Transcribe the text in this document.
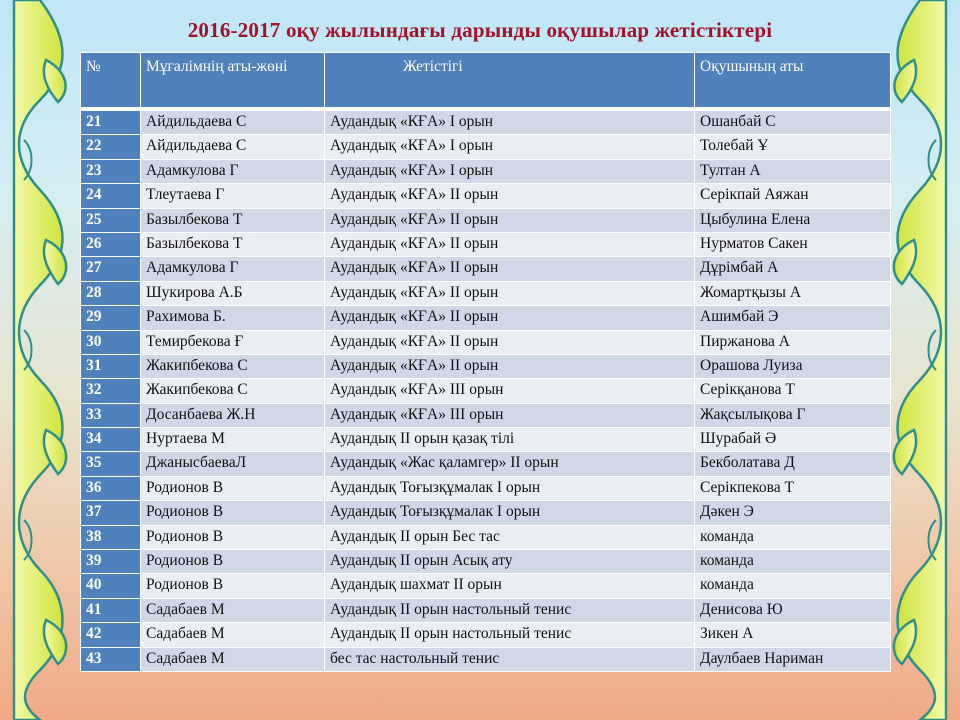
2016-2017 оқу жылындағы дарынды оқушылар жетістіктері
№	Мұғалімнің аты-жөні	Жетістігі	Оқушының аты
21	Айдильдаева С	Аудандық «КҒА» І орын	Ошанбай С
22	Айдильдаева С	Аудандық «КҒА» І орын	Толебай Ұ
23	Адамкулова Г	Аудандық «КҒА» І орын	Тултан А
24	Тлеутаева Г	Аудандық «КҒА» ІІ орын	Серікпай Аяжан
25	Базылбекова Т	Аудандық «КҒА» ІІ орын	Цыбулина Елена
26	Базылбекова Т	Аудандық «КҒА» ІІ орын	Нурматов Сакен
27	Адамкулова Г	Аудандық «КҒА» ІІ орын	Дұрімбай А
28	Шукирова А.Б	Аудандық «КҒА» ІІ орын	Жомартқызы А
29	Рахимова Б.	Аудандық «КҒА» ІІ орын	Ашимбай Э
30	Темирбекова Ғ	Аудандық «КҒА» ІІ орын	Пиржанова А
31	Жакипбекова С	Аудандық «КҒА» ІІ орын	Орашова Луиза
32	Жакипбекова С	Аудандық «КҒА» ІІІ орын	Серікқанова Т
33	Досанбаева Ж.Н	Аудандық «КҒА» ІІІ орын	Жақсылықова Г
34	Нуртаева М	Аудандық ІІ орын қазақ тілі	Шурабай Ә
35	ДжанысбаеваЛ	Аудандық «Жас қаламгер» ІІ орын	Бекболатава Д
36	Родионов В	Аудандық Тоғызқұмалак І орын	Серікпекова Т
37	Родионов В	Аудандық Тоғызқұмалак І орын	Дәкен Э
38	Родионов В	Аудандық ІІ орын Бес тас	команда
39	Родионов В	Аудандық ІІ орын Асық ату	команда
40	Родионов В	Аудандық шахмат ІІ орын	команда
41	Садабаев М	Аудандық ІІ орын настольный тенис	Денисова Ю
42	Садабаев М	Аудандық ІІ орын настольный тенис	Зикен А
43	Садабаев М	бес тас настольный тенис	Даулбаев Нариман
